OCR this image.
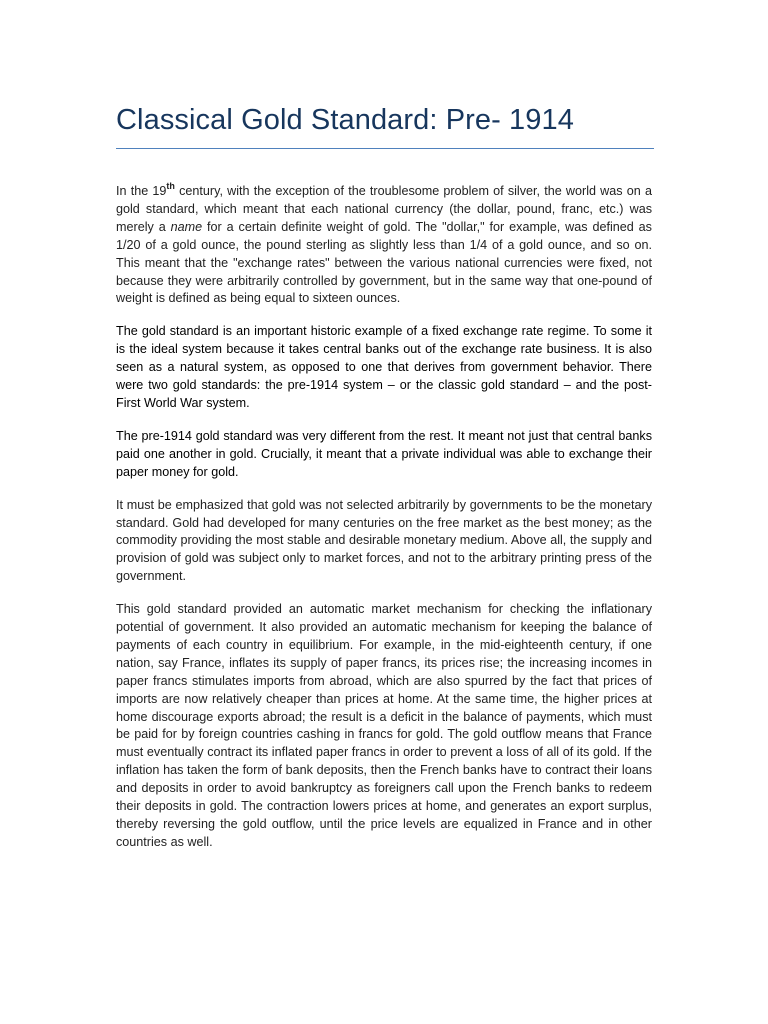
Classical Gold Standard: Pre- 1914

In the 19th century, with the exception of the troublesome problem of silver, the world was on a gold standard, which meant that each national currency (the dollar, pound, franc, etc.) was merely a name for a certain definite weight of gold. The "dollar," for example, was defined as 1/20 of a gold ounce, the pound sterling as slightly less than 1/4 of a gold ounce, and so on. This meant that the "exchange rates" between the various national currencies were fixed, not because they were arbitrarily controlled by government, but in the same way that one-pound of weight is defined as being equal to sixteen ounces.

The gold standard is an important historic example of a fixed exchange rate regime. To some it is the ideal system because it takes central banks out of the exchange rate business. It is also seen as a natural system, as opposed to one that derives from government behavior. There were two gold standards: the pre-1914 system – or the classic gold standard – and the post-First World War system.

The pre-1914 gold standard was very different from the rest. It meant not just that central banks paid one another in gold. Crucially, it meant that a private individual was able to exchange their paper money for gold.

It must be emphasized that gold was not selected arbitrarily by governments to be the monetary standard. Gold had developed for many centuries on the free market as the best money; as the commodity providing the most stable and desirable monetary medium. Above all, the supply and provision of gold was subject only to market forces, and not to the arbitrary printing press of the government.

This gold standard provided an automatic market mechanism for checking the inflationary potential of government. It also provided an automatic mechanism for keeping the balance of payments of each country in equilibrium. For example, in the mid-eighteenth century, if one nation, say France, inflates its supply of paper francs, its prices rise; the increasing incomes in paper francs stimulates imports from abroad, which are also spurred by the fact that prices of imports are now relatively cheaper than prices at home. At the same time, the higher prices at home discourage exports abroad; the result is a deficit in the balance of payments, which must be paid for by foreign countries cashing in francs for gold. The gold outflow means that France must eventually contract its inflated paper francs in order to prevent a loss of all of its gold. If the inflation has taken the form of bank deposits, then the French banks have to contract their loans and deposits in order to avoid bankruptcy as foreigners call upon the French banks to redeem their deposits in gold. The contraction lowers prices at home, and generates an export surplus, thereby reversing the gold outflow, until the price levels are equalized in France and in other countries as well.
